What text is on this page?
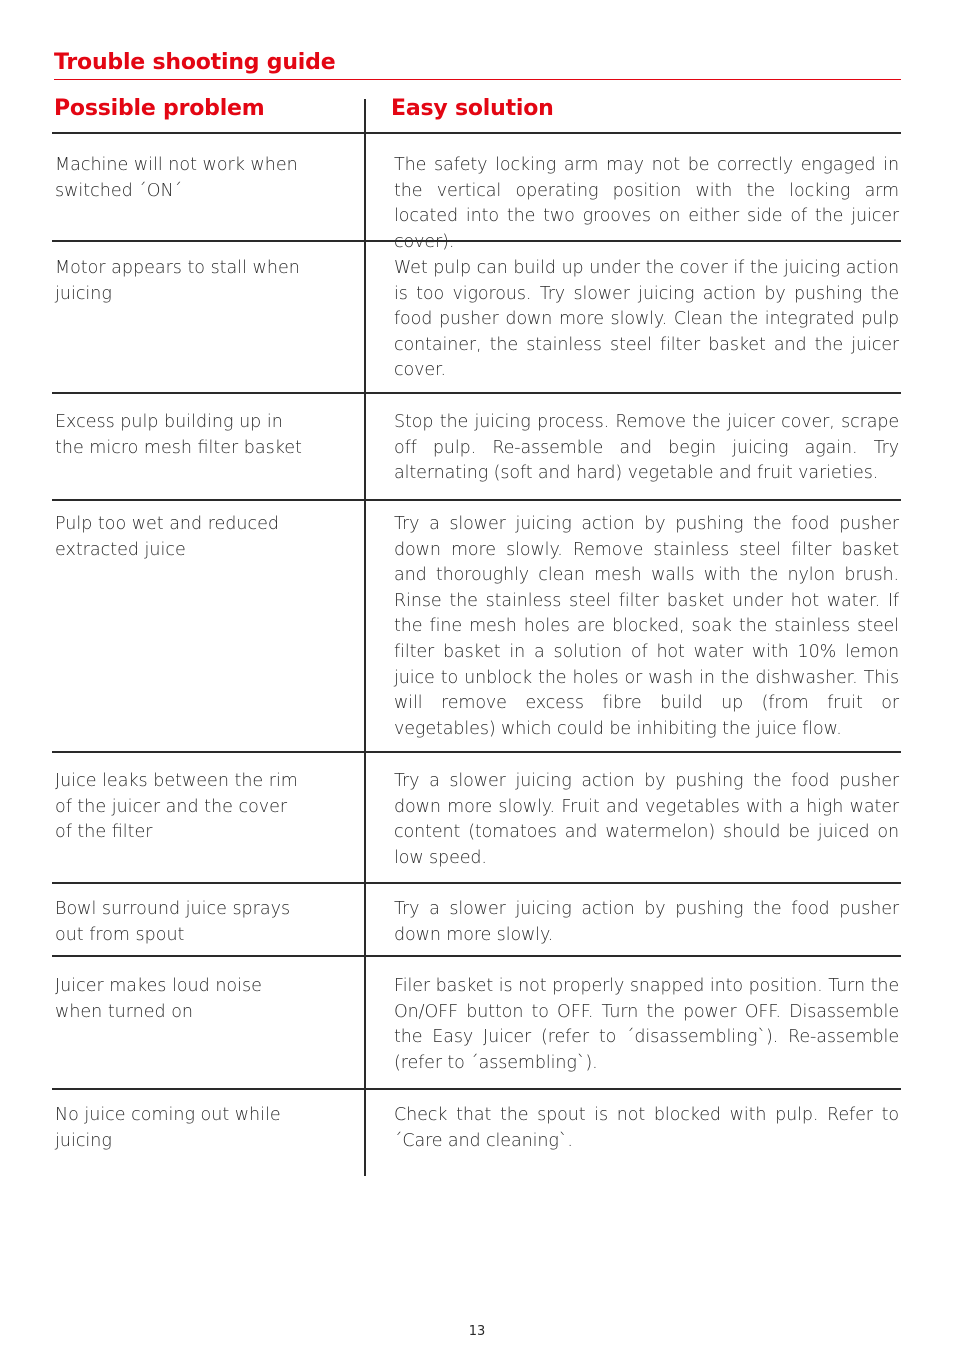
Trouble shooting guide
Possible problem	Easy solution
Machine will not work when
switched ´ON´
The safety locking arm may not be correctly engaged in the vertical operating position with the locking arm located into the two grooves on either side of the juicer cover).
Motor appears to stall when
juicing
Wet pulp can build up under the cover if the juicing action is too vigorous. Try slower juicing action by pushing the food pusher down more slowly. Clean the integrated pulp container, the stainless steel filter basket and the juicer cover.
Excess pulp building up in
the micro mesh filter basket
Stop the juicing process. Remove the juicer cover, scrape off pulp. Re-assemble and begin juicing again. Try alternating (soft and hard) vegetable and fruit varieties.
Pulp too wet and reduced
extracted juice
Try a slower juicing action by pushing the food pusher down more slowly. Remove stainless steel filter basket and thoroughly clean mesh walls with the nylon brush. Rinse the stainless steel filter basket under hot water. If the fine mesh holes are blocked, soak the stainless steel filter basket in a solution of hot water with 10% lemon juice to unblock the holes or wash in the dishwasher. This will remove excess fibre build up (from fruit or vegetables) which could be inhibiting the juice flow.
Juice leaks between the rim
of the juicer and the cover
of the filter
Try a slower juicing action by pushing the food pusher down more slowly. Fruit and vegetables with a high water content (tomatoes and watermelon) should be juiced on low speed.
Bowl surround juice sprays
out from spout
Try a slower juicing action by pushing the food pusher down more slowly.
Juicer makes loud noise
when turned on
Filer basket is not properly snapped into position. Turn the On/OFF button to OFF. Turn the power OFF. Disassemble the Easy Juicer (refer to ´disassembling`). Re-assemble (refer to ´assembling`).
No juice coming out while
juicing
Check that the spout is not blocked with pulp. Refer to ´Care and cleaning`.
13
